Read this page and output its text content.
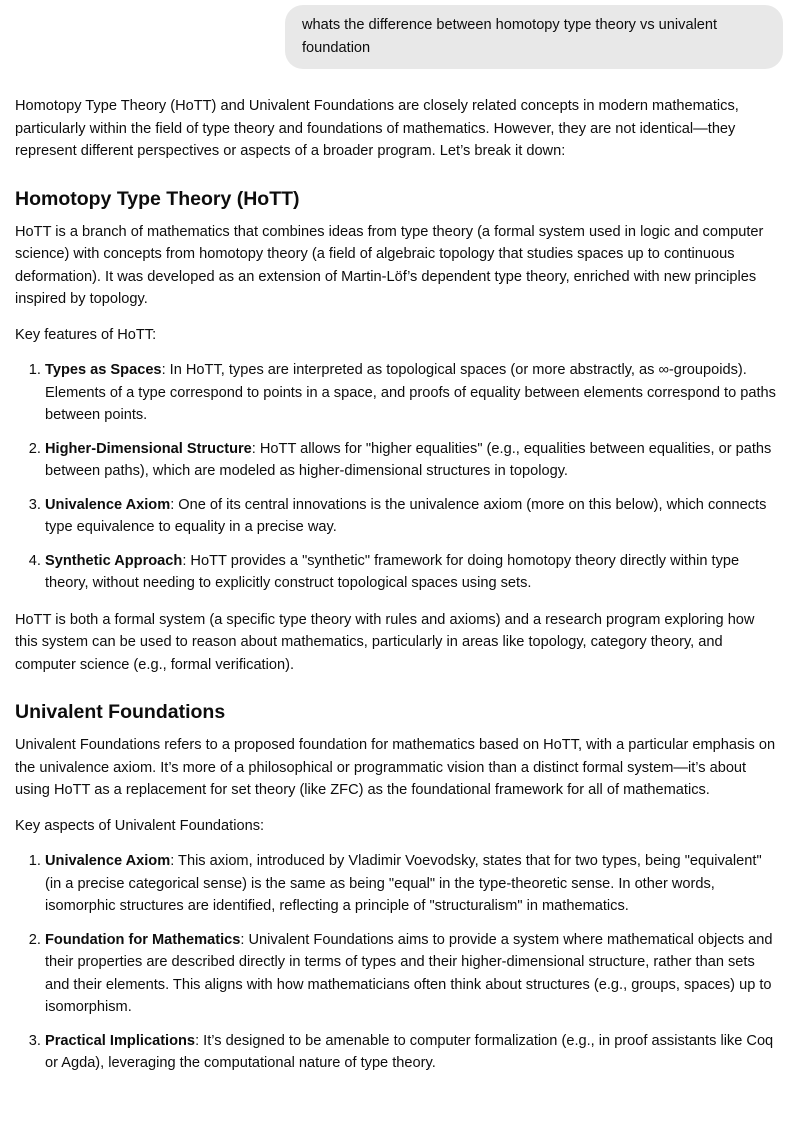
whats the difference between homotopy type theory vs univalent foundation

Homotopy Type Theory (HoTT) and Univalent Foundations are closely related concepts in modern mathematics, particularly within the field of type theory and foundations of mathematics. However, they are not identical—they represent different perspectives or aspects of a broader program. Let’s break it down:

Homotopy Type Theory (HoTT)

HoTT is a branch of mathematics that combines ideas from type theory (a formal system used in logic and computer science) with concepts from homotopy theory (a field of algebraic topology that studies spaces up to continuous deformation). It was developed as an extension of Martin-Löf’s dependent type theory, enriched with new principles inspired by topology.

Key features of HoTT:

1. Types as Spaces: In HoTT, types are interpreted as topological spaces (or more abstractly, as ∞-groupoids). Elements of a type correspond to points in a space, and proofs of equality between elements correspond to paths between points.
2. Higher-Dimensional Structure: HoTT allows for "higher equalities" (e.g., equalities between equalities, or paths between paths), which are modeled as higher-dimensional structures in topology.
3. Univalence Axiom: One of its central innovations is the univalence axiom (more on this below), which connects type equivalence to equality in a precise way.
4. Synthetic Approach: HoTT provides a "synthetic" framework for doing homotopy theory directly within type theory, without needing to explicitly construct topological spaces using sets.

HoTT is both a formal system (a specific type theory with rules and axioms) and a research program exploring how this system can be used to reason about mathematics, particularly in areas like topology, category theory, and computer science (e.g., formal verification).

Univalent Foundations

Univalent Foundations refers to a proposed foundation for mathematics based on HoTT, with a particular emphasis on the univalence axiom. It’s more of a philosophical or programmatic vision than a distinct formal system—it’s about using HoTT as a replacement for set theory (like ZFC) as the foundational framework for all of mathematics.

Key aspects of Univalent Foundations:

1. Univalence Axiom: This axiom, introduced by Vladimir Voevodsky, states that for two types, being "equivalent" (in a precise categorical sense) is the same as being "equal" in the type-theoretic sense. In other words, isomorphic structures are identified, reflecting a principle of "structuralism" in mathematics.
2. Foundation for Mathematics: Univalent Foundations aims to provide a system where mathematical objects and their properties are described directly in terms of types and their higher-dimensional structure, rather than sets and their elements. This aligns with how mathematicians often think about structures (e.g., groups, spaces) up to isomorphism.
3. Practical Implications: It’s designed to be amenable to computer formalization (e.g., in proof assistants like Coq or Agda), leveraging the computational nature of type theory.
